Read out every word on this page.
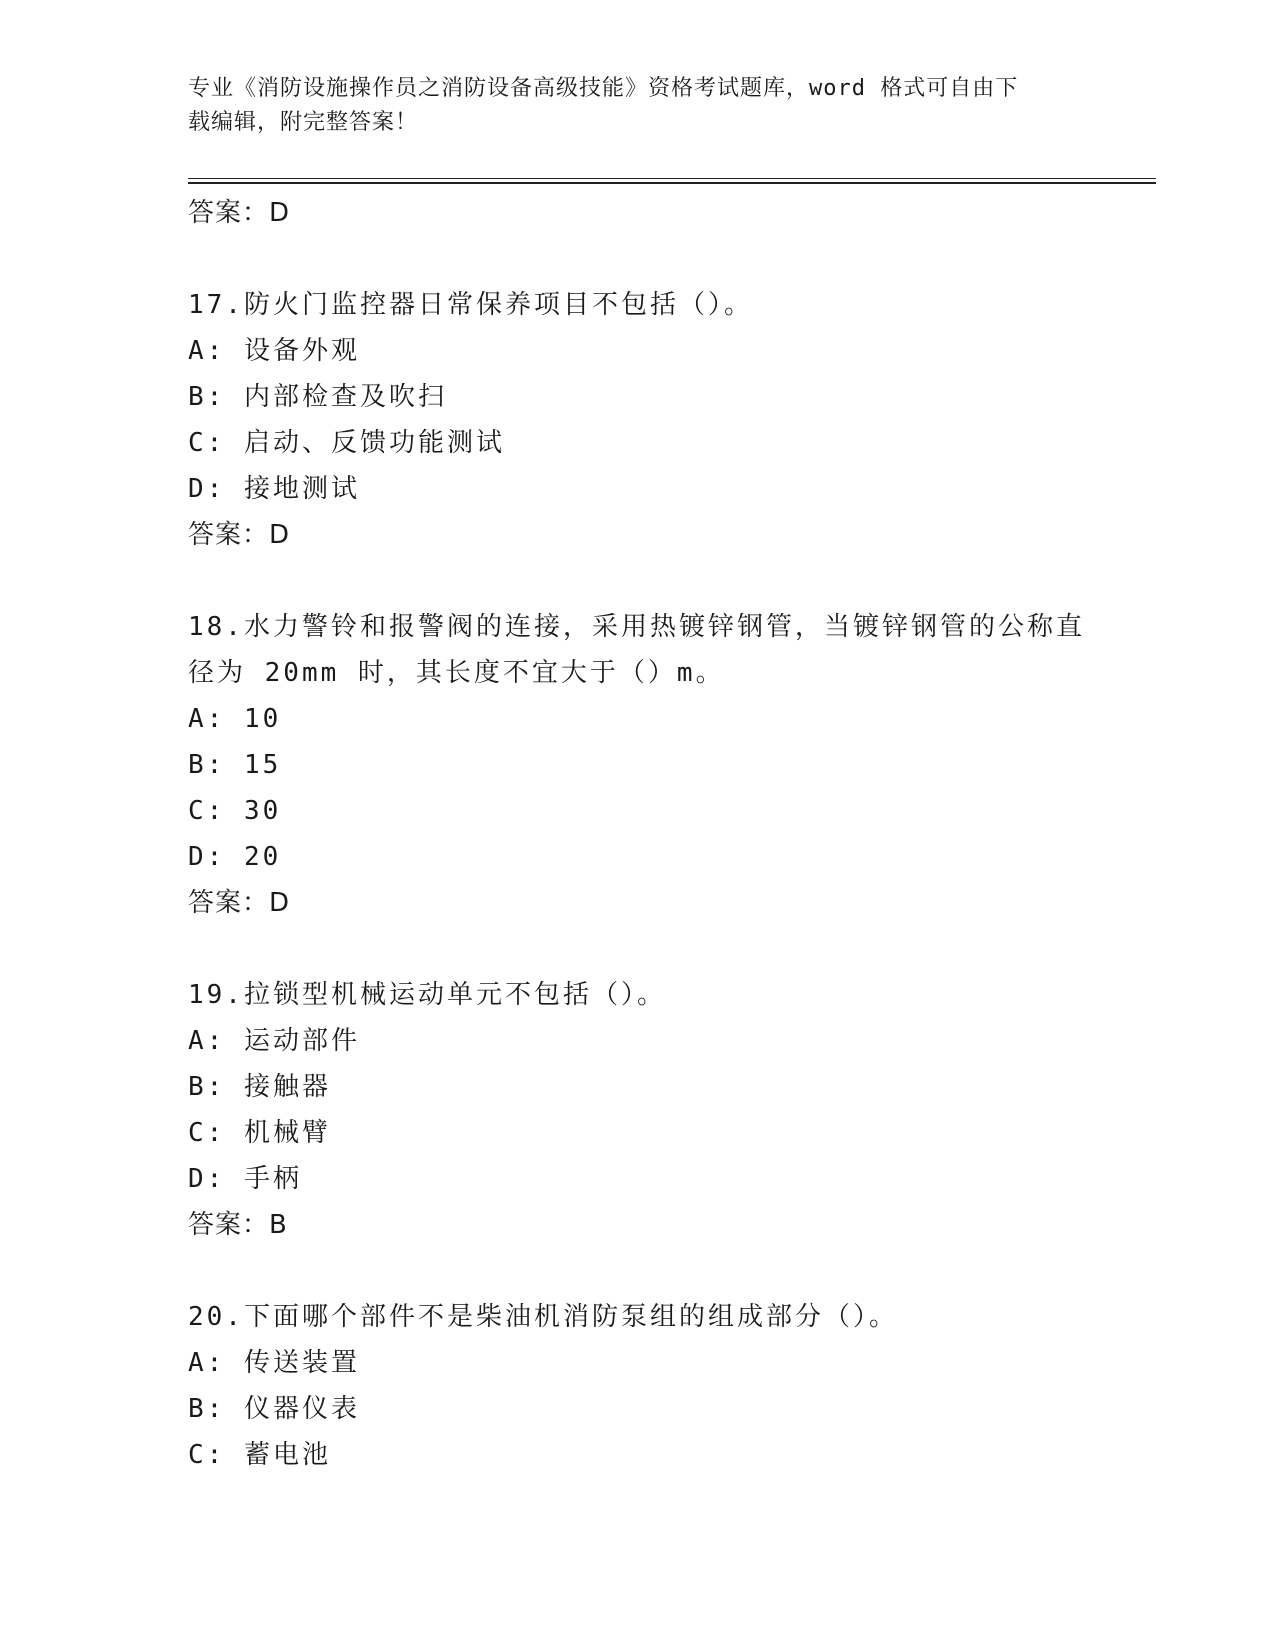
专业《消防设施操作员之消防设备高级技能》资格考试题库，word 格式可自由下
载编辑，附完整答案！
答案：D
17.防火门监控器日常保养项目不包括（）。
A: 设备外观
B: 内部检查及吹扫
C: 启动、反馈功能测试
D: 接地测试
答案：D
18.水力警铃和报警阀的连接，采用热镀锌钢管，当镀锌钢管的公称直
径为 20mm 时，其长度不宜大于（）m。
A: 10
B: 15
C: 30
D: 20
答案：D
19.拉锁型机械运动单元不包括（）。
A: 运动部件
B: 接触器
C: 机械臂
D: 手柄
答案：B
20.下面哪个部件不是柴油机消防泵组的组成部分（）。
A: 传送装置
B: 仪器仪表
C: 蓄电池
